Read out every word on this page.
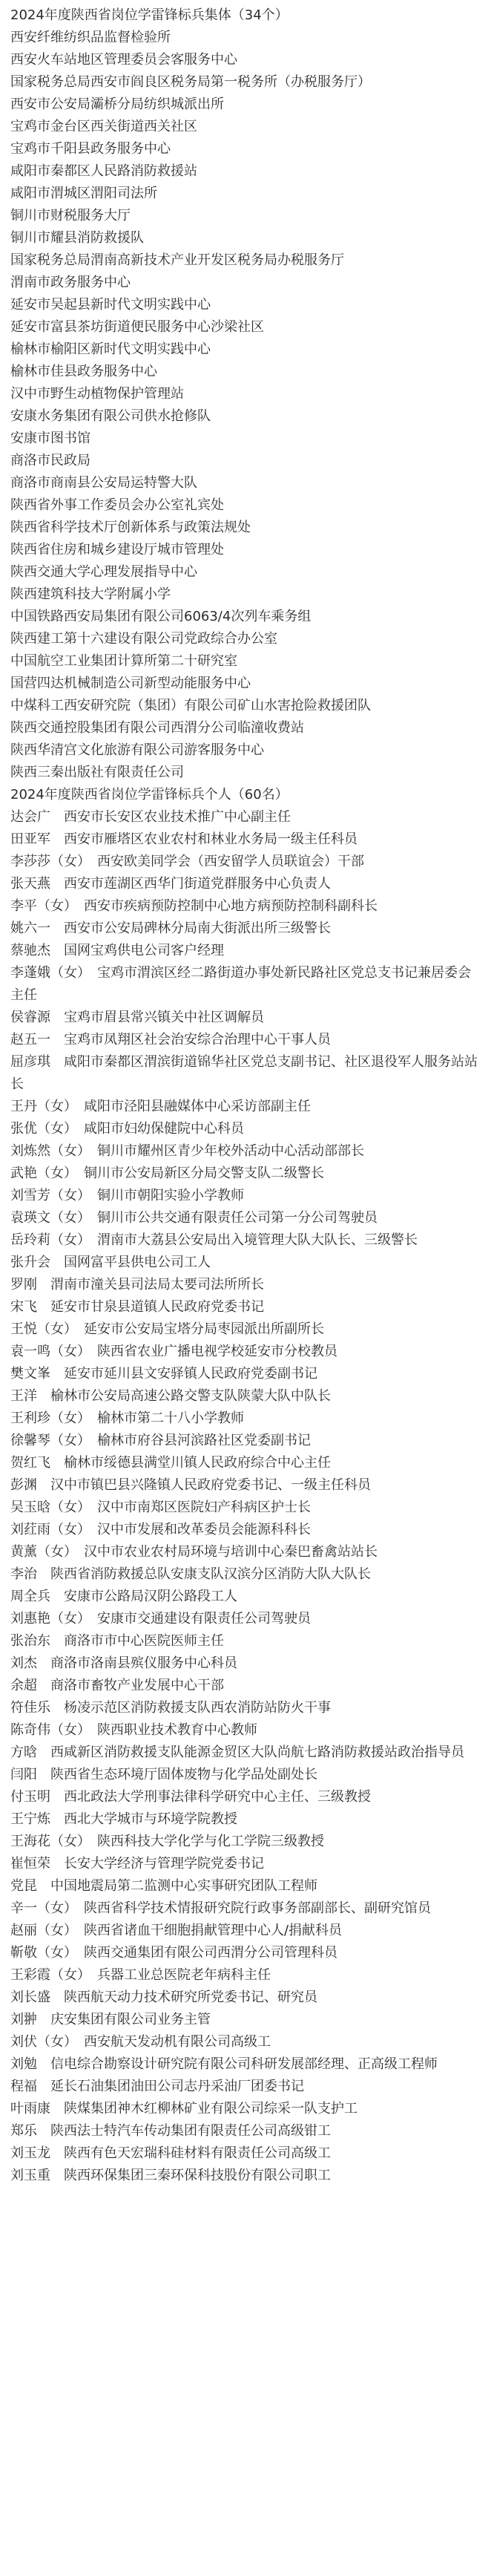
2024年度陕西省岗位学雷锋标兵集体（34个）
西安纤维纺织品监督检验所
西安火车站地区管理委员会客服务中心
国家税务总局西安市阎良区税务局第一税务所（办税服务厅）
西安市公安局灞桥分局纺织城派出所
宝鸡市金台区西关街道西关社区
宝鸡市千阳县政务服务中心
咸阳市秦都区人民路消防救援站
咸阳市渭城区渭阳司法所
铜川市财税服务大厅
铜川市耀县消防救援队
国家税务总局渭南高新技术产业开发区税务局办税服务厅
渭南市政务服务中心
延安市吴起县新时代文明实践中心
延安市富县茶坊街道便民服务中心沙梁社区
榆林市榆阳区新时代文明实践中心
榆林市佳县政务服务中心
汉中市野生动植物保护管理站
安康水务集团有限公司供水抢修队
安康市图书馆
商洛市民政局
商洛市商南县公安局运特警大队
陕西省外事工作委员会办公室礼宾处
陕西省科学技术厅创新体系与政策法规处
陕西省住房和城乡建设厅城市管理处
陕西交通大学心理发展指导中心
陕西建筑科技大学附属小学
中国铁路西安局集团有限公司6063/4次列车乘务组
陕西建工第十六建设有限公司党政综合办公室
中国航空工业集团计算所第二十研究室
国营四达机械制造公司新型动能服务中心
中煤科工西安研究院（集团）有限公司矿山水害抢险救援团队
陕西交通控股集团有限公司西渭分公司临潼收费站
陕西华清宫文化旅游有限公司游客服务中心
陕西三秦出版社有限责任公司
2024年度陕西省岗位学雷锋标兵个人（60名）
达会广　西安市长安区农业技术推广中心副主任
田亚军　西安市雁塔区农业农村和林业水务局一级主任科员
李莎莎（女）　西安欧美同学会（西安留学人员联谊会）干部
张天燕　西安市莲湖区西华门街道党群服务中心负责人
李平（女）　西安市疾病预防控制中心地方病预防控制科副科长
姚六一　西安市公安局碑林分局南大街派出所三级警长
蔡驰杰　国网宝鸡供电公司客户经理
李蓬娥（女）　宝鸡市渭滨区经二路街道办事处新民路社区党总支书记兼居委会主任
侯睿源　宝鸡市眉县常兴镇关中社区调解员
赵五一　宝鸡市凤翔区社会治安综合治理中心干事人员
屈彦琪　咸阳市秦都区渭滨街道锦华社区党总支副书记、社区退役军人服务站站长
王丹（女）　咸阳市泾阳县融媒体中心采访部副主任
张优（女）　咸阳市妇幼保健院中心科员
刘炼然（女）　铜川市耀州区青少年校外活动中心活动部部长
武艳（女）　铜川市公安局新区分局交警支队二级警长
刘雪芳（女）　铜川市朝阳实验小学教师
袁瑛文（女）　铜川市公共交通有限责任公司第一分公司驾驶员
岳玲莉（女）　渭南市大荔县公安局出入境管理大队大队长、三级警长
张升会　国网富平县供电公司工人
罗刚　渭南市潼关县司法局太要司法所所长
宋飞　延安市甘泉县道镇人民政府党委书记
王悦（女）　延安市公安局宝塔分局枣园派出所副所长
袁一鸣（女）　陕西省农业广播电视学校延安市分校教员
樊文峯　延安市延川县文安驿镇人民政府党委副书记
王洋　榆林市公安局高速公路交警支队陕蒙大队中队长
王利珍（女）　榆林市第二十八小学教师
徐馨琴（女）　榆林市府谷县河滨路社区党委副书记
贺红飞　榆林市绥德县满堂川镇人民政府综合中心主任
彭渊　汉中市镇巴县兴隆镇人民政府党委书记、一级主任科员
吴玉晗（女）　汉中市南郑区医院妇产科病区护士长
刘荭雨（女）　汉中市发展和改革委员会能源科科长
黄薰（女）　汉中市农业农村局环境与培训中心秦巴畜禽站站长
李治　陕西省消防救援总队安康支队汉滨分区消防大队大队长
周全兵　安康市公路局汉阴公路段工人
刘惠艳（女）　安康市交通建设有限责任公司驾驶员
张治东　商洛市市中心医院医师主任
刘杰　商洛市洛南县殡仪服务中心科员
余超　商洛市畜牧产业发展中心干部
符佳乐　杨凌示范区消防救援支队西农消防站防火干事
陈奇伟（女）　陕西职业技术教育中心教师
方晗　西咸新区消防救援支队能源金贸区大队尚航七路消防救援站政治指导员
闫阳　陕西省生态环境厅固体废物与化学品处副处长
付玉明　西北政法大学刑事法律科学研究中心主任、三级教授
王宁炼　西北大学城市与环境学院教授
王海花（女）　陕西科技大学化学与化工学院三级教授
崔恒荣　长安大学经济与管理学院党委书记
党昆　中国地震局第二监测中心实事研究团队工程师
辛一（女）　陕西省科学技术情报研究院行政事务部副部长、副研究馆员
赵丽（女）　陕西省诸血干细胞捐献管理中心人/捐献科员
靳敬（女）　陕西交通集团有限公司西渭分公司管理科员
王彩霞（女）　兵器工业总医院老年病科主任
刘长盛　陕西航天动力技术研究所党委书记、研究员
刘翀　庆安集团有限公司业务主管
刘伏（女）　西安航天发动机有限公司高级工
刘勉　信电综合勘察设计研究院有限公司科研发展部经理、正高级工程师
程福　延长石油集团油田公司志丹采油厂团委书记
叶雨康　陕煤集团神木红柳林矿业有限公司综采一队支护工
郑乐　陕西法士特汽车传动集团有限责任公司高级钳工
刘玉龙　陕西有色天宏瑞科硅材料有限责任公司高级工
刘玉重　陕西环保集团三秦环保科技股份有限公司职工
